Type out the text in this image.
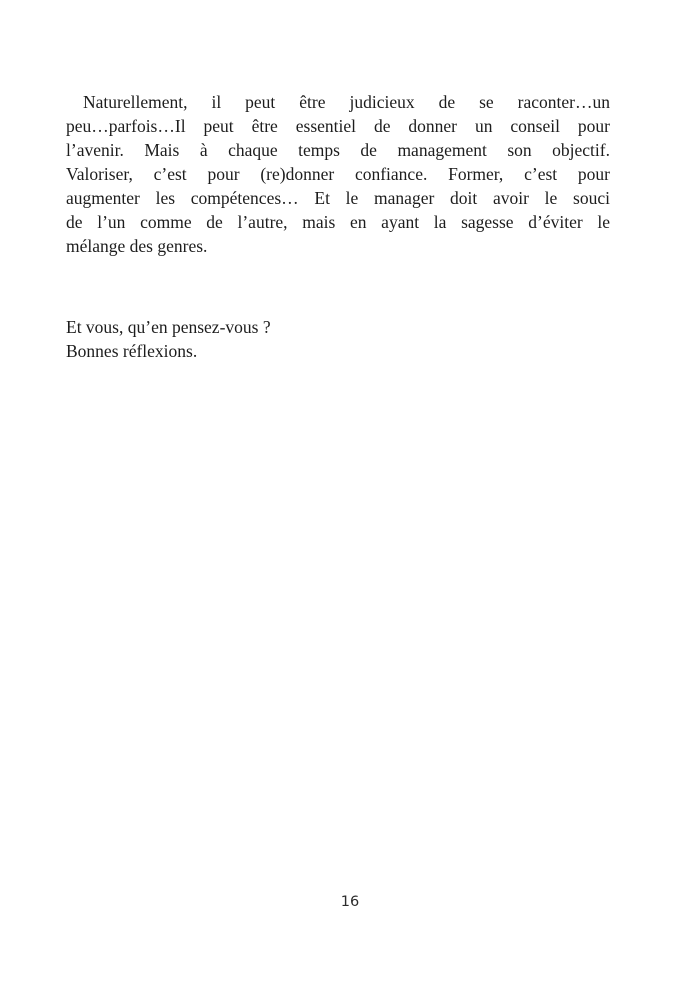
Naturellement, il peut être judicieux de se raconter…un
peu…parfois…Il peut être essentiel de donner un conseil pour
l’avenir. Mais à chaque temps de management son objectif.
Valoriser, c’est pour (re)donner confiance. Former, c’est pour
augmenter les compétences… Et le manager doit avoir le souci
de l’un comme de l’autre, mais en ayant la sagesse d’éviter le
mélange des genres.
Et vous, qu’en pensez-vous ?
Bonnes réflexions.
16
